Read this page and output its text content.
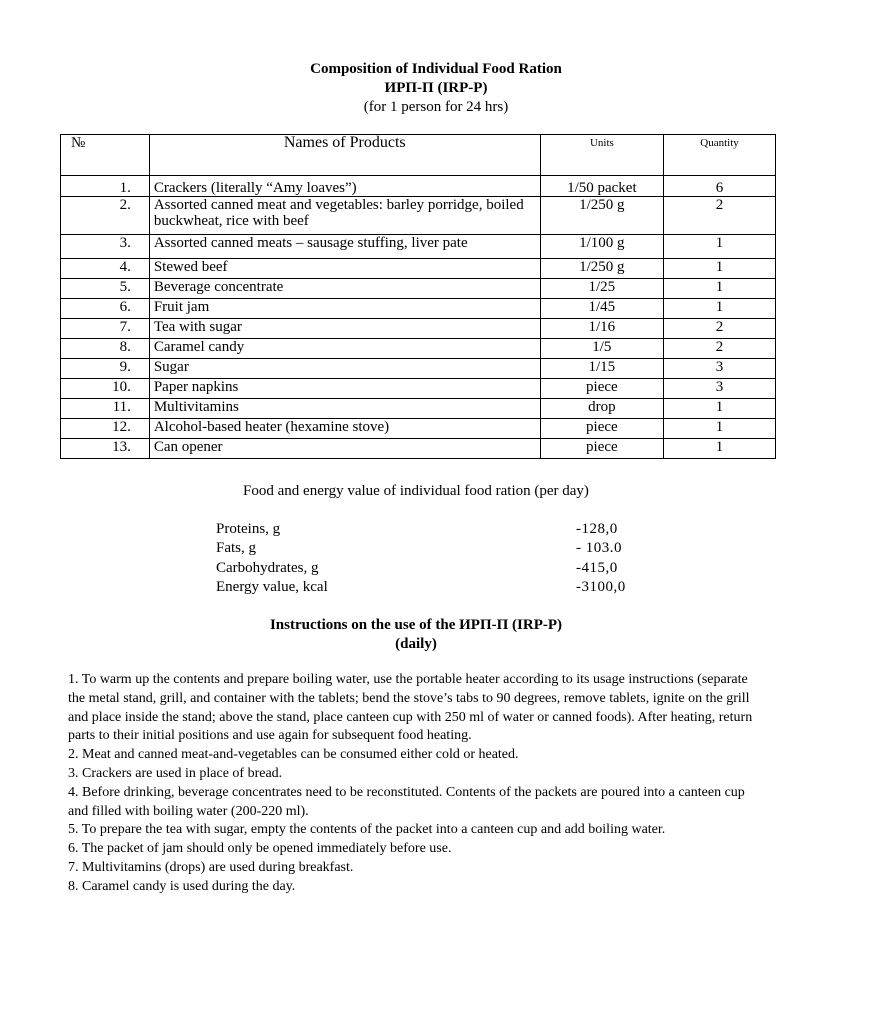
Composition of Individual Food Ration
ИРП-П (IRP-P)
(for 1 person for 24 hrs)
№	Names of Products	Units	Quantity
1.	Crackers (literally “Amy loaves”)	1/50 packet	6
2.	Assorted canned meat and vegetables: barley porridge, boiled buckwheat, rice with beef	1/250 g	2
3.	Assorted canned meats – sausage stuffing, liver pate	1/100 g	1
4.	Stewed beef	1/250 g	1
5.	Beverage concentrate	1/25	1
6.	Fruit jam	1/45	1
7.	Tea with sugar	1/16	2
8.	Caramel candy	1/5	2
9.	Sugar	1/15	3
10.	Paper napkins	piece	3
11.	Multivitamins	drop	1
12.	Alcohol-based heater (hexamine stove)	piece	1
13.	Can opener	piece	1
Food and energy value of individual food ration (per day)
Proteins, g	-128,0
Fats, g	- 103.0
Carbohydrates, g	-415,0
Energy value, kcal	-3100,0
Instructions on the use of the ИРП-П (IRP-P)
(daily)

1. To warm up the contents and prepare boiling water, use the portable heater according to its usage instructions (separate the metal stand, grill, and container with the tablets; bend the stove’s tabs to 90 degrees, remove tablets, ignite on the grill and place inside the stand; above the stand, place canteen cup with 250 ml of water or canned foods). After heating, return parts to their initial positions and use again for subsequent food heating.

2. Meat and canned meat-and-vegetables can be consumed either cold or heated.

3. Crackers are used in place of bread.

4. Before drinking, beverage concentrates need to be reconstituted. Contents of the packets are poured into a canteen cup and filled with boiling water (200-220 ml).

5. To prepare the tea with sugar, empty the contents of the packet into a canteen cup and add boiling water.

6. The packet of jam should only be opened immediately before use.

7. Multivitamins (drops) are used during breakfast.

8. Caramel candy is used during the day.
